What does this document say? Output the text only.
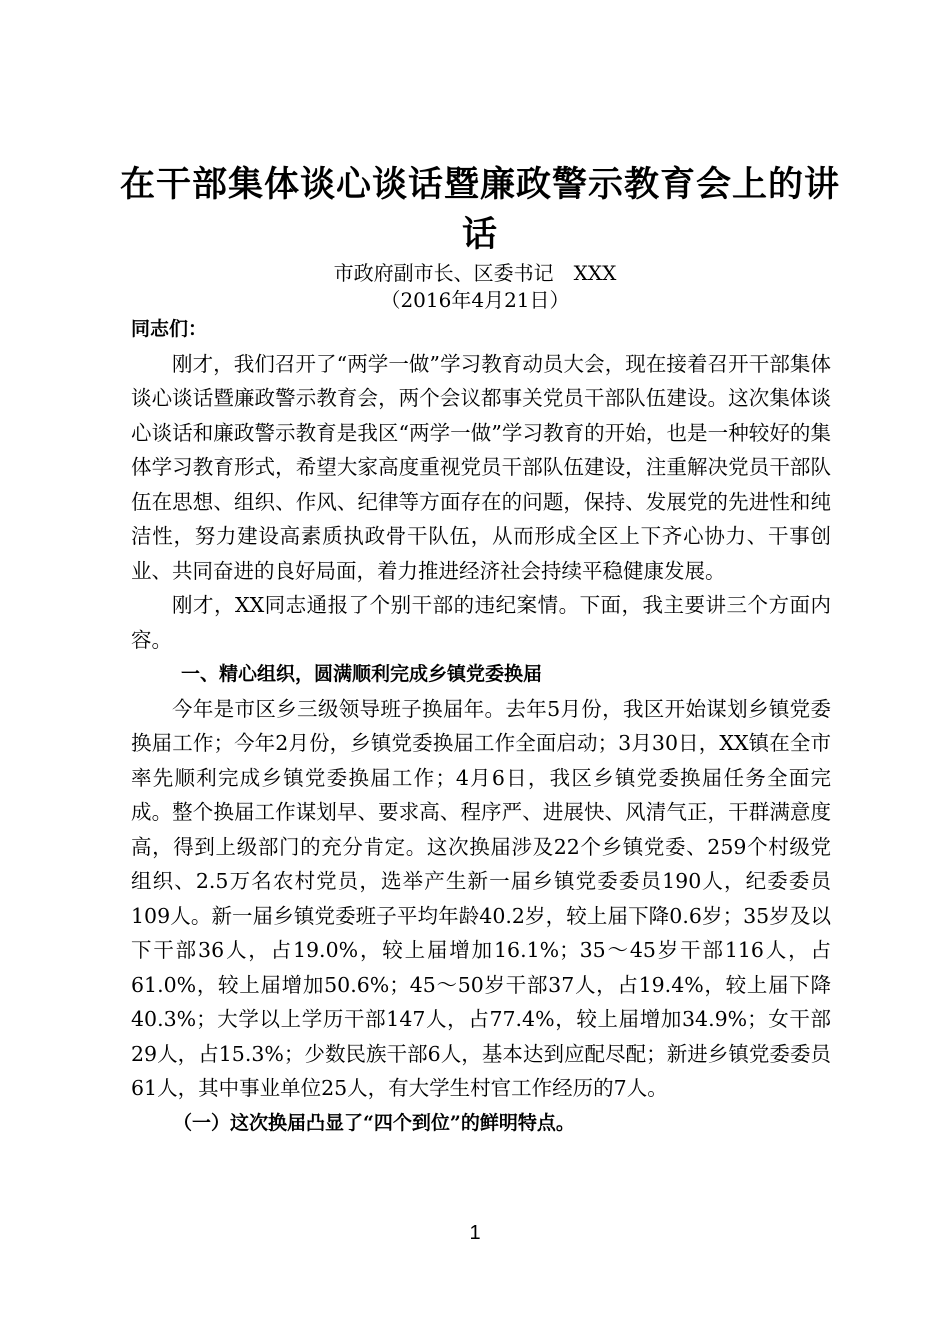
在干部集体谈心谈话暨廉政警示教育会上的讲话
市政府副市长、区委书记　XXX
（2016年4月21日）

同志们：

刚才，我们召开了“两学一做”学习教育动员大会，现在接着召开干部集体谈心谈话暨廉政警示教育会，两个会议都事关党员干部队伍建设。这次集体谈心谈话和廉政警示教育是我区“两学一做”学习教育的开始，也是一种较好的集体学习教育形式，希望大家高度重视党员干部队伍建设，注重解决党员干部队伍在思想、组织、作风、纪律等方面存在的问题，保持、发展党的先进性和纯洁性，努力建设高素质执政骨干队伍，从而形成全区上下齐心协力、干事创业、共同奋进的良好局面，着力推进经济社会持续平稳健康发展。

刚才，XX同志通报了个别干部的违纪案情。下面，我主要讲三个方面内容。

一、精心组织，圆满顺利完成乡镇党委换届

今年是市区乡三级领导班子换届年。去年5月份，我区开始谋划乡镇党委换届工作；今年2月份，乡镇党委换届工作全面启动；3月30日，XX镇在全市率先顺利完成乡镇党委换届工作；4月6日，我区乡镇党委换届任务全面完成。整个换届工作谋划早、要求高、程序严、进展快、风清气正，干群满意度高，得到上级部门的充分肯定。这次换届涉及22个乡镇党委、259个村级党组织、2.5万名农村党员，选举产生新一届乡镇党委委员190人，纪委委员109人。新一届乡镇党委班子平均年龄40.2岁，较上届下降0.6岁；35岁及以下干部36人，占19.0%，较上届增加16.1%；35～45岁干部116人，占61.0%，较上届增加50.6%；45～50岁干部37人，占19.4%，较上届下降40.3%；大学以上学历干部147人，占77.4%，较上届增加34.9%；女干部29人，占15.3%；少数民族干部6人，基本达到应配尽配；新进乡镇党委委员61人，其中事业单位25人，有大学生村官工作经历的7人。

（一）这次换届凸显了“四个到位”的鲜明特点。

1
